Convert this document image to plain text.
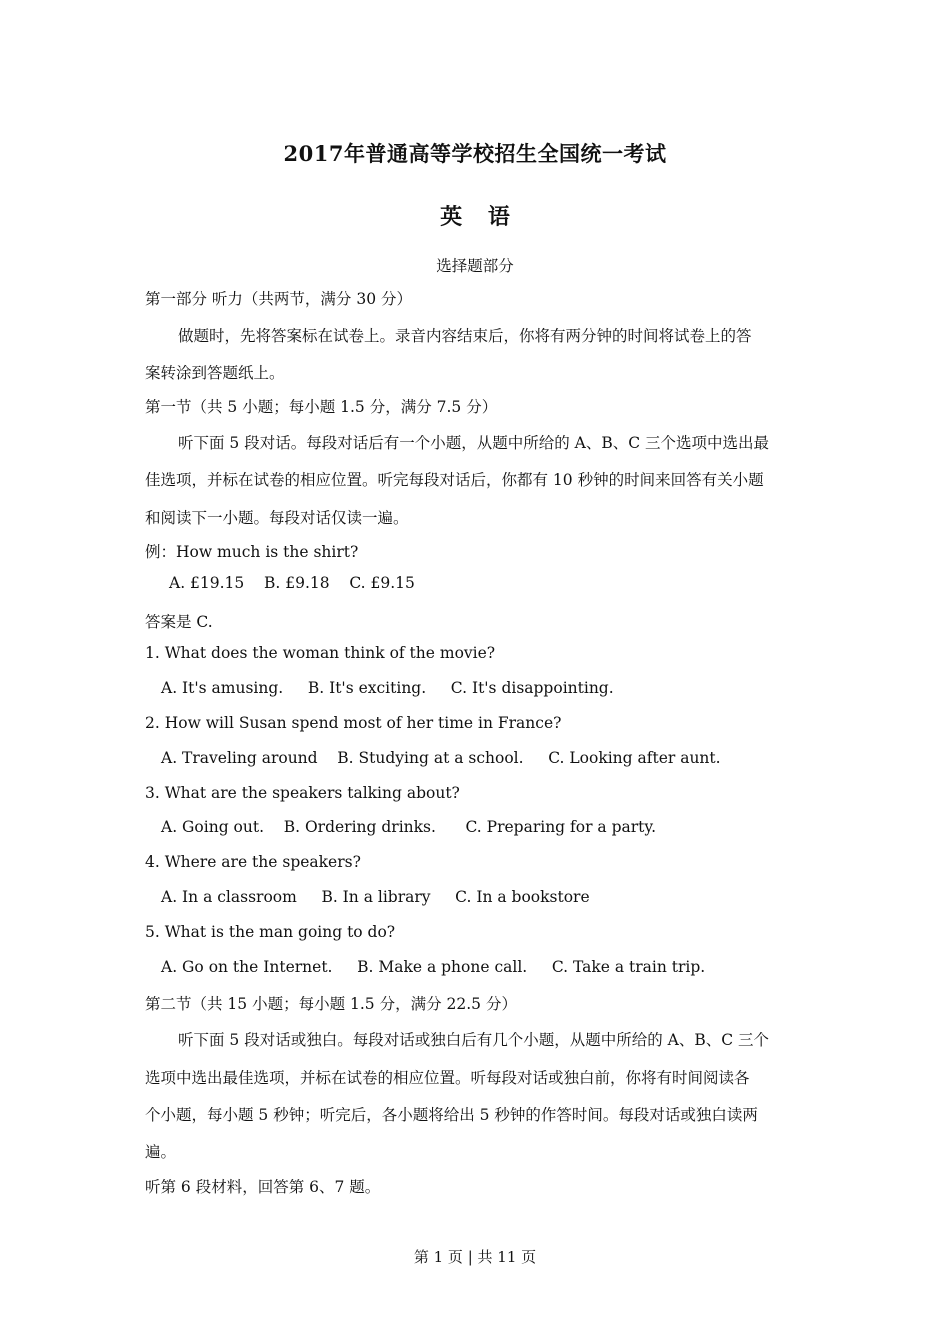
2017年普通高等学校招生全国统一考试
英 语
选择题部分
第一部分 听力（共两节，满分 30 分）
做题时，先将答案标在试卷上。录音内容结束后，你将有两分钟的时间将试卷上的答
案转涂到答题纸上。
第一节（共 5 小题；每小题 1.5 分，满分 7.5 分）
听下面 5 段对话。每段对话后有一个小题，从题中所给的 A、B、C 三个选项中选出最
佳选项，并标在试卷的相应位置。听完每段对话后，你都有 10 秒钟的时间来回答有关小题
和阅读下一小题。每段对话仅读一遍。
例：How much is the shirt?
A. £19.15    B. £9.18    C. £9.15
答案是 C.
1. What does the woman think of the movie?
A. It's amusing.     B. It's exciting.     C. It's disappointing.
2. How will Susan spend most of her time in France?
A. Traveling around    B. Studying at a school.     C. Looking after aunt.
3. What are the speakers talking about?
A. Going out.    B. Ordering drinks.      C. Preparing for a party.
4. Where are the speakers?
A. In a classroom     B. In a library     C. In a bookstore
5. What is the man going to do?
A. Go on the Internet.     B. Make a phone call.     C. Take a train trip.
第二节（共 15 小题；每小题 1.5 分，满分 22.5 分）
听下面 5 段对话或独白。每段对话或独白后有几个小题，从题中所给的 A、B、C 三个
选项中选出最佳选项，并标在试卷的相应位置。听每段对话或独白前，你将有时间阅读各
个小题，每小题 5 秒钟；听完后，各小题将给出 5 秒钟的作答时间。每段对话或独白读两
遍。
听第 6 段材料，回答第 6、7 题。
第 1 页 | 共 11 页
